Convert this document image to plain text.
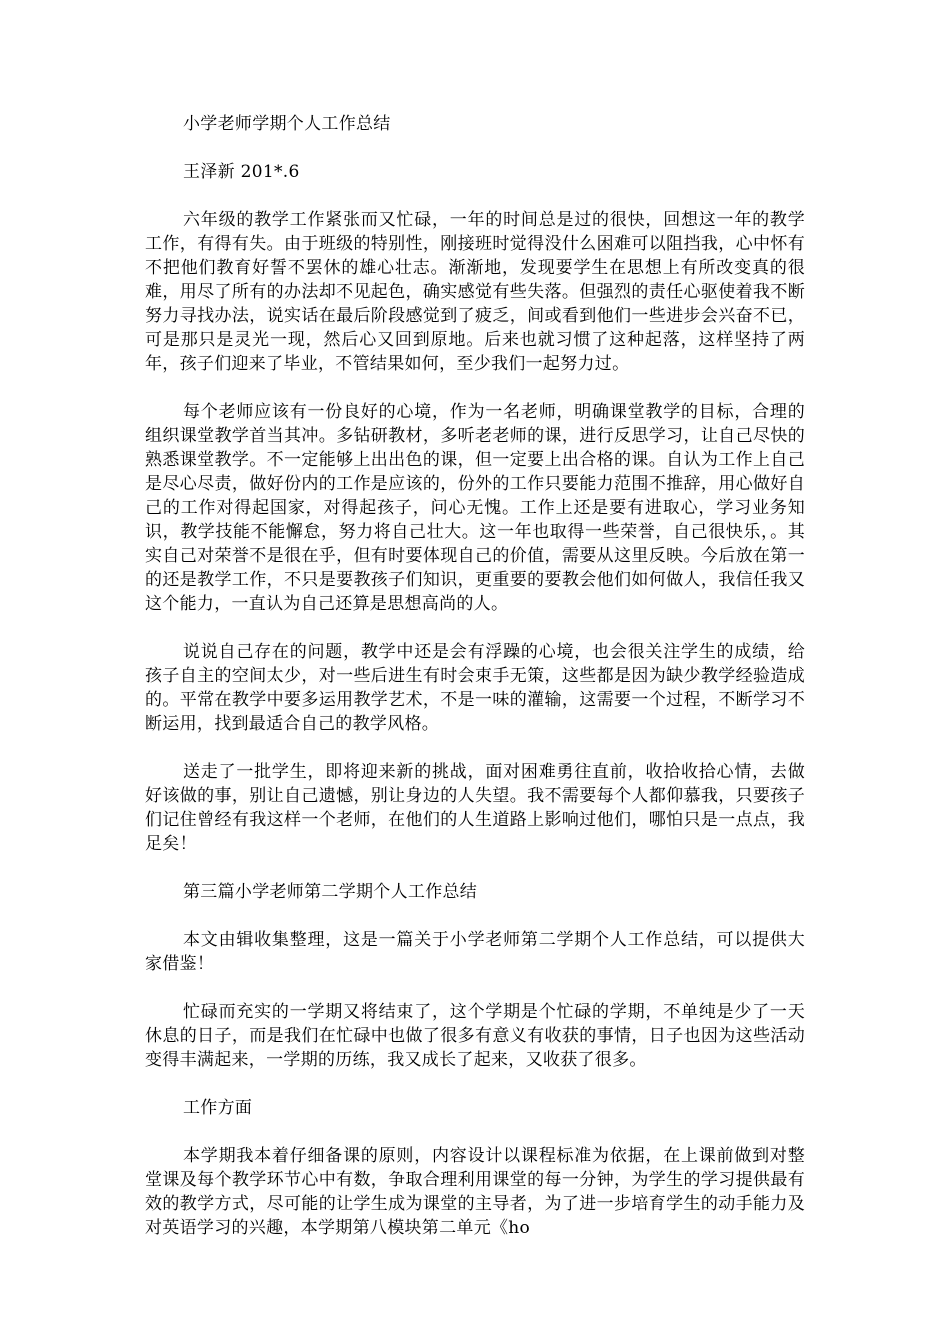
小学老师学期个人工作总结

王泽新 201*.6

六年级的教学工作紧张而又忙碌，一年的时间总是过的很快，回想这一年的教学工作，有得有失。由于班级的特别性，刚接班时觉得没什么困难可以阻挡我，心中怀有不把他们教育好誓不罢休的雄心壮志。渐渐地，发现要学生在思想上有所改变真的很难，用尽了所有的办法却不见起色，确实感觉有些失落。但强烈的责任心驱使着我不断努力寻找办法，说实话在最后阶段感觉到了疲乏，间或看到他们一些进步会兴奋不已，可是那只是灵光一现，然后心又回到原地。后来也就习惯了这种起落，这样坚持了两年，孩子们迎来了毕业，不管结果如何，至少我们一起努力过。

每个老师应该有一份良好的心境，作为一名老师，明确课堂教学的目标，合理的组织课堂教学首当其冲。多钻研教材，多听老老师的课，进行反思学习，让自己尽快的熟悉课堂教学。不一定能够上出出色的课，但一定要上出合格的课。自认为工作上自己是尽心尽责，做好份内的工作是应该的，份外的工作只要能力范围不推辞，用心做好自己的工作对得起国家，对得起孩子，问心无愧。工作上还是要有进取心，学习业务知识，教学技能不能懈怠，努力将自己壮大。这一年也取得一些荣誉，自己很快乐，。其实自己对荣誉不是很在乎，但有时要体现自己的价值，需要从这里反映。今后放在第一的还是教学工作，不只是要教孩子们知识，更重要的要教会他们如何做人，我信任我又这个能力，一直认为自己还算是思想高尚的人。

说说自己存在的问题，教学中还是会有浮躁的心境，也会很关注学生的成绩，给孩子自主的空间太少，对一些后进生有时会束手无策，这些都是因为缺少教学经验造成的。平常在教学中要多运用教学艺术，不是一味的灌输，这需要一个过程，不断学习不断运用，找到最适合自己的教学风格。

送走了一批学生，即将迎来新的挑战，面对困难勇往直前，收拾收拾心情，去做好该做的事，别让自己遗憾，别让身边的人失望。我不需要每个人都仰慕我，只要孩子们记住曾经有我这样一个老师，在他们的人生道路上影响过他们，哪怕只是一点点，我足矣！

第三篇小学老师第二学期个人工作总结

本文由辑收集整理，这是一篇关于小学老师第二学期个人工作总结，可以提供大家借鉴！

忙碌而充实的一学期又将结束了，这个学期是个忙碌的学期，不单纯是少了一天休息的日子，而是我们在忙碌中也做了很多有意义有收获的事情，日子也因为这些活动变得丰满起来，一学期的历练，我又成长了起来，又收获了很多。

工作方面

本学期我本着仔细备课的原则，内容设计以课程标准为依据，在上课前做到对整堂课及每个教学环节心中有数，争取合理利用课堂的每一分钟，为学生的学习提供最有效的教学方式，尽可能的让学生成为课堂的主导者，为了进一步培育学生的动手能力及对英语学习的兴趣，本学期第八模块第二单元《ho
